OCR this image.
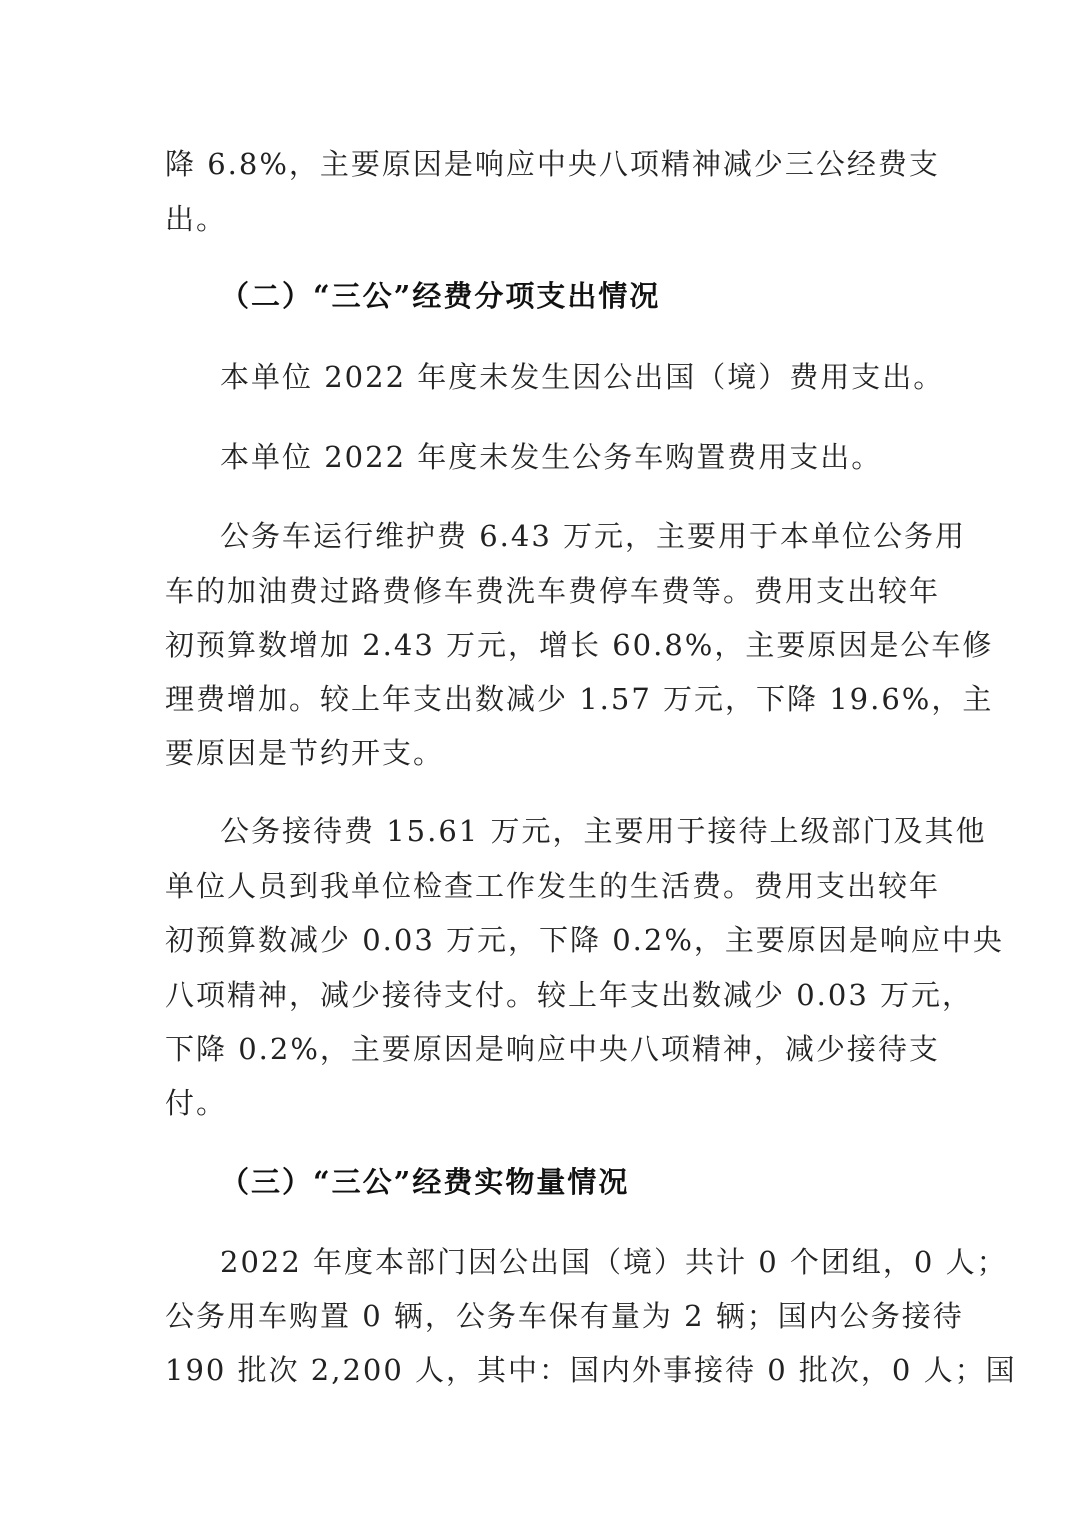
降 6.8%，主要原因是响应中央八项精神减少三公经费支
出。
（二）“三公”经费分项支出情况
本单位 2022 年度未发生因公出国（境）费用支出。
本单位 2022 年度未发生公务车购置费用支出。
公务车运行维护费 6.43 万元，主要用于本单位公务用
车的加油费过路费修车费洗车费停车费等。费用支出较年
初预算数增加 2.43 万元，增长 60.8%，主要原因是公车修
理费增加。较上年支出数减少 1.57 万元，下降 19.6%，主
要原因是节约开支。
公务接待费 15.61 万元，主要用于接待上级部门及其他
单位人员到我单位检查工作发生的生活费。费用支出较年
初预算数减少 0.03 万元，下降 0.2%，主要原因是响应中央
八项精神，减少接待支付。较上年支出数减少 0.03 万元，
下降 0.2%，主要原因是响应中央八项精神，减少接待支
付。
（三）“三公”经费实物量情况
2022 年度本部门因公出国（境）共计 0 个团组，0 人；
公务用车购置 0 辆，公务车保有量为 2 辆；国内公务接待
190 批次 2,200 人，其中：国内外事接待 0 批次，0 人；国
